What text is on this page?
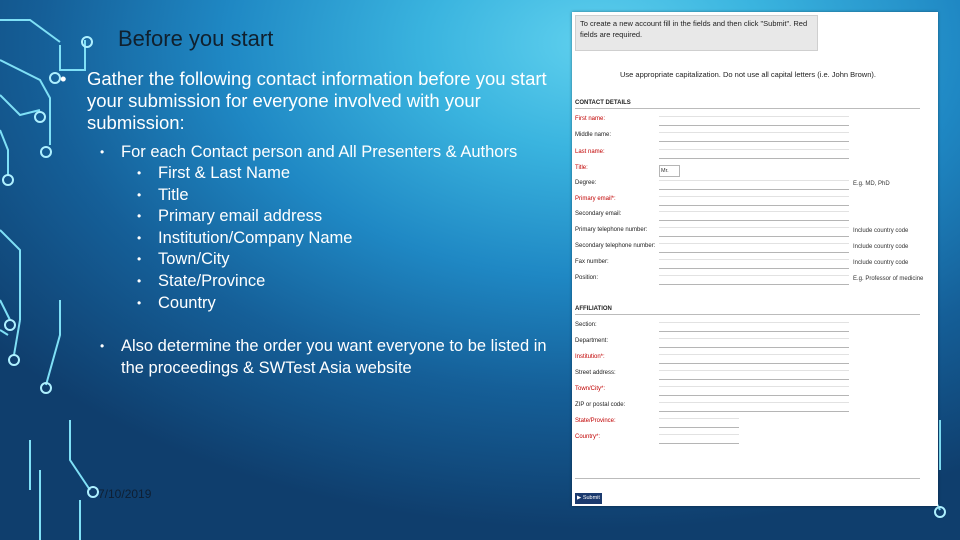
Before you start
• Gather the following contact information before you start your submission for everyone involved with your submission:
• For each Contact person and All Presenters & Authors
• First & Last Name
• Title
• Primary email address
• Institution/Company Name
• Town/City
• State/Province
• Country
• Also determine the order you want everyone to be listed in the proceedings & SWTest Asia website
7/10/2019
To create a new account fill in the fields and then click "Submit". Red fields are required.
Use appropriate capitalization. Do not use all capital letters (i.e. John Brown).
CONTACT DETAILS
First name:
Middle name:
Last name:
Title:	Mr.
Degree:	E.g. MD, PhD
Primary email*:
Secondary email:
Primary telephone number:	Include country code
Secondary telephone number:	Include country code
Fax number:	Include country code
Position:	E.g. Professor of medicine
AFFILIATION
Section:
Department:
Institution*:
Street address:
Town/City*:
ZIP or postal code:
State/Province:
Country*:
▶ Submit
